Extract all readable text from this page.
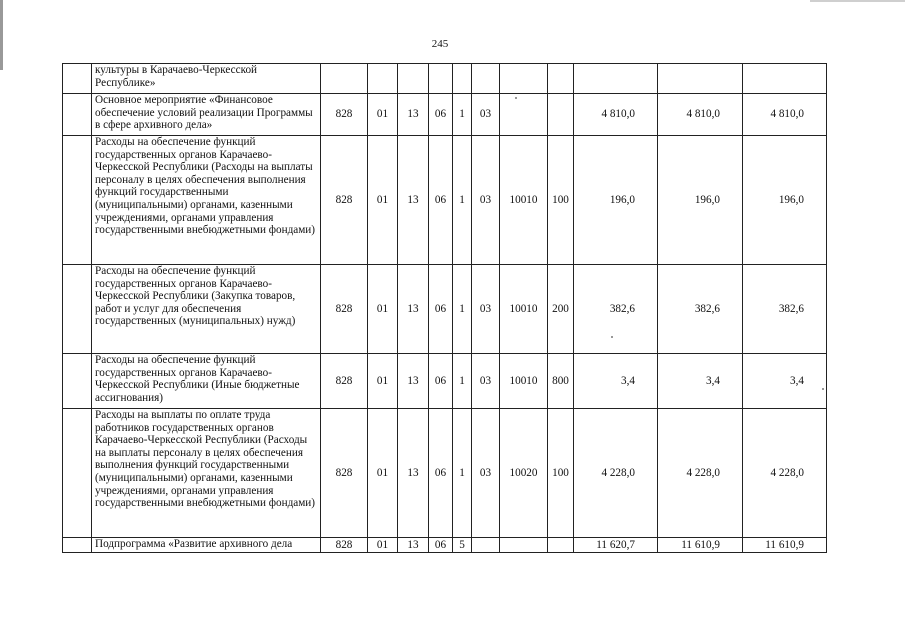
245
	культуры в Карачаево-Черкесской Республике»											
	Основное мероприятие «Финансовое обеспечение условий реализации Программы в сфере архивного дела»	828	01	13	06	1	03			4 810,0	4 810,0	4 810,0
	Расходы на обеспечение функций государственных органов Карачаево-Черкесской Республики (Расходы на выплаты персоналу в целях обеспечения выполнения функций государственными (муниципальными) органами, казенными учреждениями, органами управления государственными внебюджетными фондами)	828	01	13	06	1	03	10010	100	196,0	196,0	196,0
	Расходы на обеспечение функций государственных органов Карачаево-Черкесской Республики (Закупка товаров, работ и услуг для обеспечения государственных (муниципальных) нужд)	828	01	13	06	1	03	10010	200	382,6	382,6	382,6
	Расходы на обеспечение функций государственных органов Карачаево-Черкесской Республики (Иные бюджетные ассигнования)	828	01	13	06	1	03	10010	800	3,4	3,4	3,4
	Расходы на выплаты по оплате труда работников государственных органов Карачаево-Черкесской Республики (Расходы на выплаты персоналу в целях обеспечения выполнения функций государственными (муниципальными) органами, казенными учреждениями, органами управления государственными внебюджетными фондами)	828	01	13	06	1	03	10020	100	4 228,0	4 228,0	4 228,0
	Подпрограмма «Развитие архивного дела	828	01	13	06	5				11 620,7	11 610,9	11 610,9
